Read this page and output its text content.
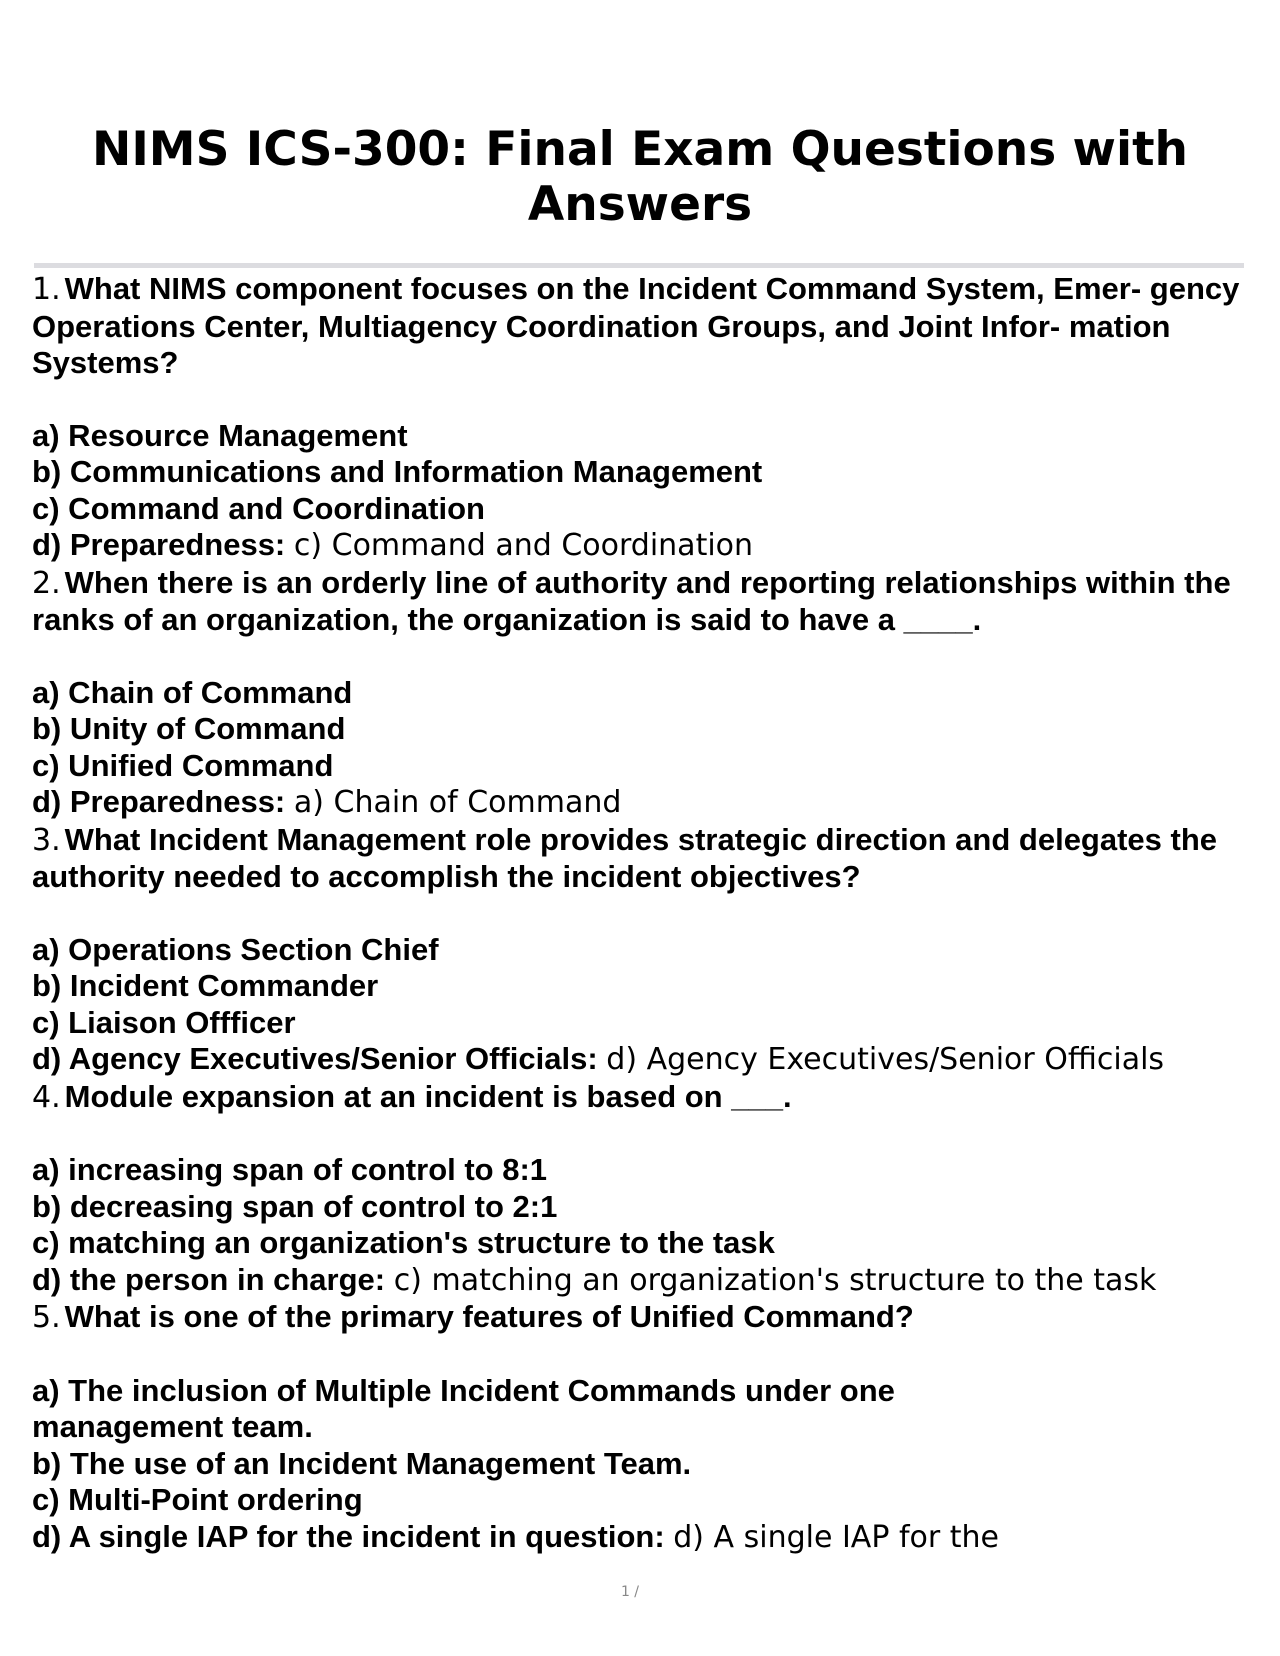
NIMS ICS-300: Final Exam Questions with Answers

1. What NIMS component focuses on the Incident Command System, Emer- gency Operations Center, Multiagency Coordination Groups, and Joint Infor- mation Systems?

a) Resource Management

b) Communications and Information Management

c) Command and Coordination

d) Preparedness: c) Command and Coordination

2. When there is an orderly line of authority and reporting relationships within the ranks of an organization, the organization is said to have a ____.

a) Chain of Command

b) Unity of Command

c) Unified Command

d) Preparedness: a) Chain of Command

3. What Incident Management role provides strategic direction and delegates the authority needed to accomplish the incident objectives?

a) Operations Section Chief

b) Incident Commander

c) Liaison Offficer

d) Agency Executives/Senior Officials: d) Agency Executives/Senior Officials

4. Module expansion at an incident is based on ___.

a) increasing span of control to 8:1

b) decreasing span of control to 2:1

c) matching an organization's structure to the task

d) the person in charge: c) matching an organization's structure to the task

5. What is one of the primary features of Unified Command?

a) The inclusion of Multiple Incident Commands under one management team.

b) The use of an Incident Management Team.

c) Multi-Point ordering

d) A single IAP for the incident in question: d) A single IAP for the

1 /
